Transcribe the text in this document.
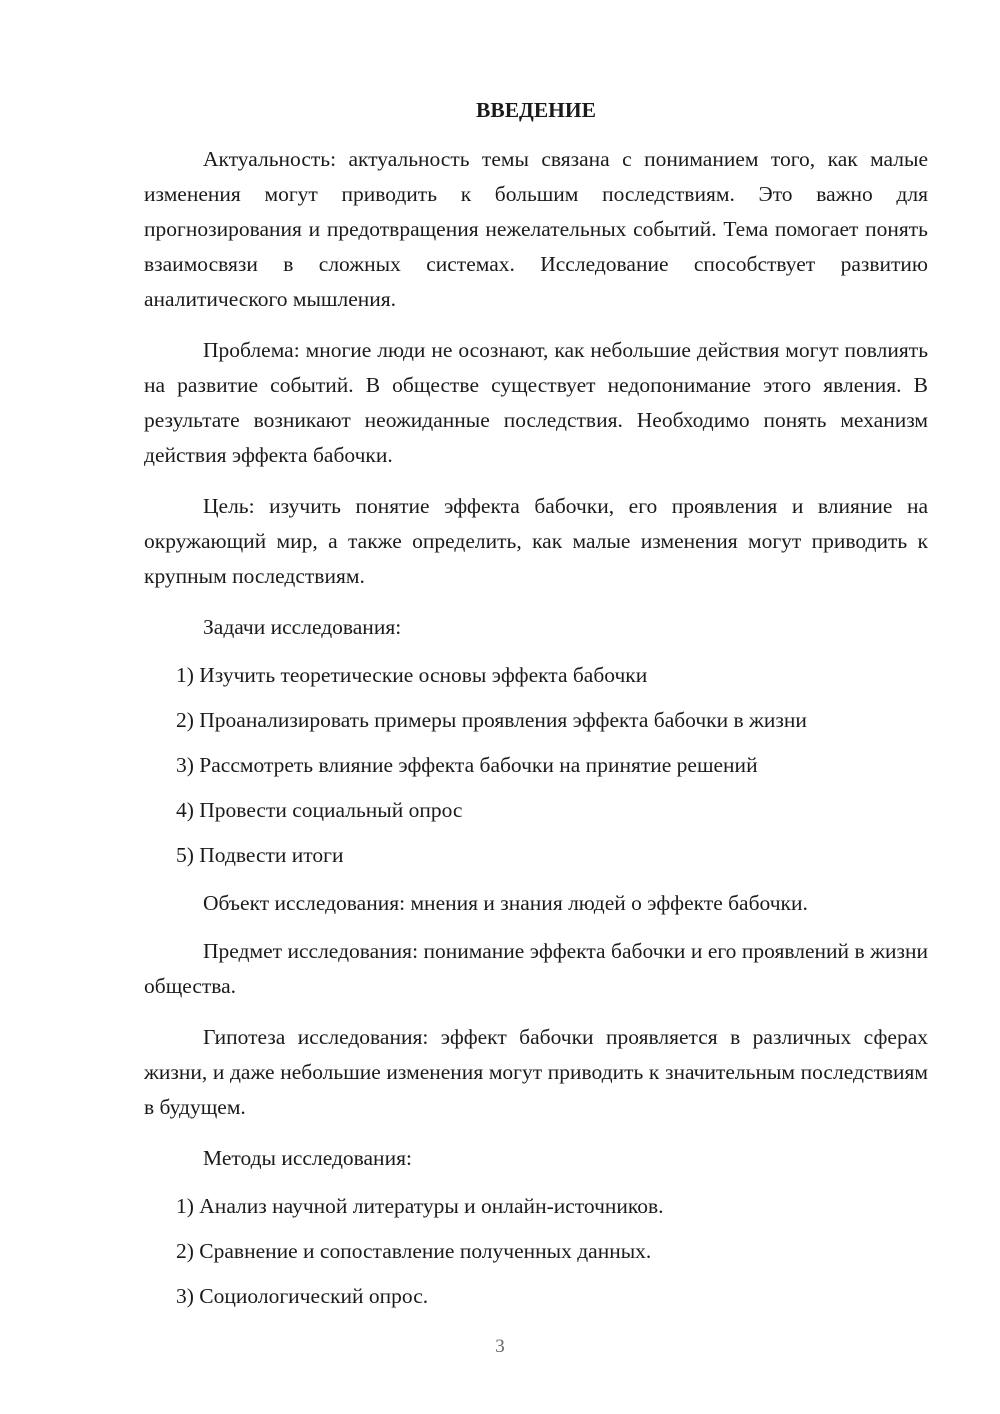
ВВЕДЕНИЕ

Актуальность: актуальность темы связана с пониманием того, как малые изменения могут приводить к большим последствиям. Это важно для прогнозирования и предотвращения нежелательных событий. Тема помогает понять взаимосвязи в сложных системах. Исследование способствует развитию аналитического мышления.

Проблема: многие люди не осознают, как небольшие действия могут повлиять на развитие событий. В обществе существует недопонимание этого явления. В результате возникают неожиданные последствия. Необходимо понять механизм действия эффекта бабочки.

Цель: изучить понятие эффекта бабочки, его проявления и влияние на окружающий мир, а также определить, как малые изменения могут приводить к крупным последствиям.

Задачи исследования:

1) Изучить теоретические основы эффекта бабочки
2) Проанализировать примеры проявления эффекта бабочки в жизни
3) Рассмотреть влияние эффекта бабочки на принятие решений
4) Провести социальный опрос
5) Подвести итоги

Объект исследования: мнения и знания людей о эффекте бабочки.

Предмет исследования: понимание эффекта бабочки и его проявлений в жизни общества.

Гипотеза исследования: эффект бабочки проявляется в различных сферах жизни, и даже небольшие изменения могут приводить к значительным последствиям в будущем.

Методы исследования:

1) Анализ научной литературы и онлайн-источников.
2) Сравнение и сопоставление полученных данных.
3) Социологический опрос.
3
